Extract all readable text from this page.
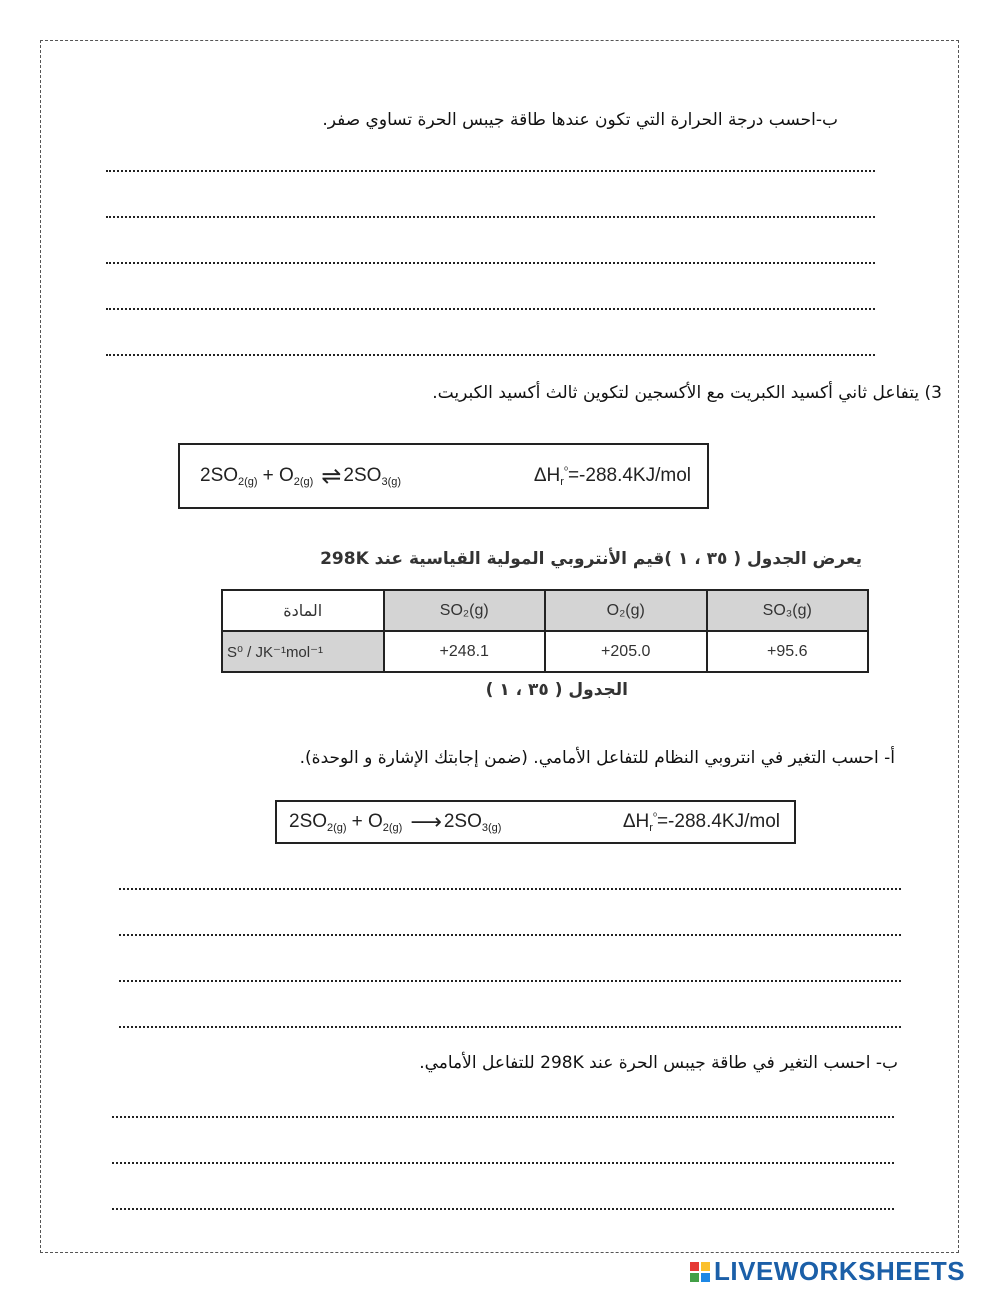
ب-احسب درجة الحرارة التي تكون عندها طاقة جيبس الحرة تساوي صفر.
3) يتفاعل ثاني أكسيد الكبريت مع الأكسجين لتكوين ثالث أكسيد الكبريت.
$2SO_{2(g)} + O_{2(g)}$ ⇌ $2SO_{3(g)}$	$\Delta H_r^{^0}=-288.4KJ$/mol
يعرض الجدول ( ٣٥ ، ١ )قيم الأنتروبي المولية القياسية عند 298K
المادة	SO₂(g)	O₂(g)	SO₃(g)
S⁰ / JK⁻¹mol⁻¹	+248.1	+205.0	+95.6
الجدول ( ٣٥ ، ١ )
أ- احسب التغير في انتروبي النظام للتفاعل الأمامي. (ضمن إجابتك الإشارة و الوحدة).
$2SO_{2(g)} + O_{2(g)}$ ⟶ $2SO_{3(g)}$	$\Delta H_r^{^0}=-288.4KJ$/mol
ب- احسب التغير في طاقة جيبس الحرة عند 298K للتفاعل الأمامي.
LIVEWORKSHEETS
